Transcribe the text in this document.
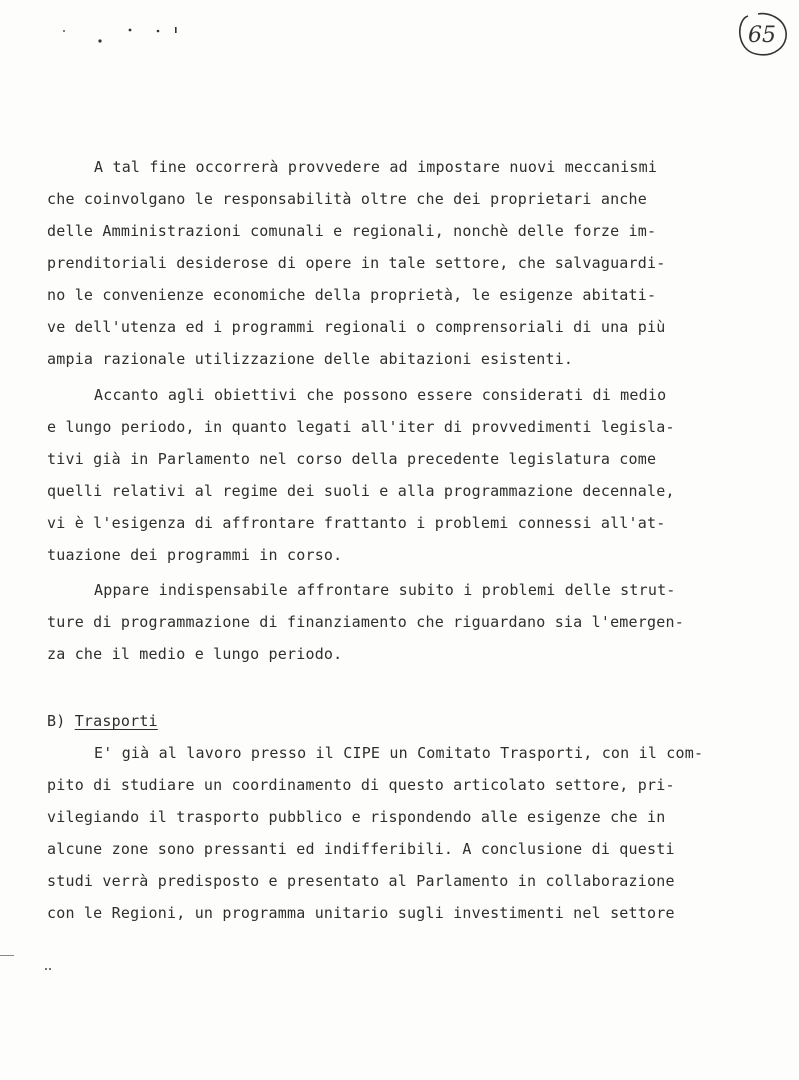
65
A tal fine occorrerà provvedere ad impostare nuovi meccanismi
che coinvolgano le responsabilità oltre che dei proprietari anche
delle Amministrazioni comunali e regionali, nonchè delle forze im-
prenditoriali desiderose di opere in tale settore, che salvaguardi-
no le convenienze economiche della proprietà, le esigenze abitati-
ve dell'utenza ed i programmi regionali o comprensoriali di una più
ampia razionale utilizzazione delle abitazioni esistenti.
Accanto agli obiettivi che possono essere considerati di medio
e lungo periodo, in quanto legati all'iter di provvedimenti legisla-
tivi già in Parlamento nel corso della precedente legislatura come
quelli relativi al regime dei suoli e alla programmazione decennale,
vi è l'esigenza di affrontare frattanto i problemi connessi all'at-
tuazione dei programmi in corso.
Appare indispensabile affrontare subito i problemi delle strut-
ture di programmazione di finanziamento che riguardano sia l'emergen-
za che il medio e lungo periodo.
B) Trasporti
E' già al lavoro presso il CIPE un Comitato Trasporti, con il com-
pito di studiare un coordinamento di questo articolato settore, pri-
vilegiando il trasporto pubblico e rispondendo alle esigenze che in
alcune zone sono pressanti ed indifferibili. A conclusione di questi
studi verrà predisposto e presentato al Parlamento in collaborazione
con le Regioni, un programma unitario sugli investimenti nel settore
